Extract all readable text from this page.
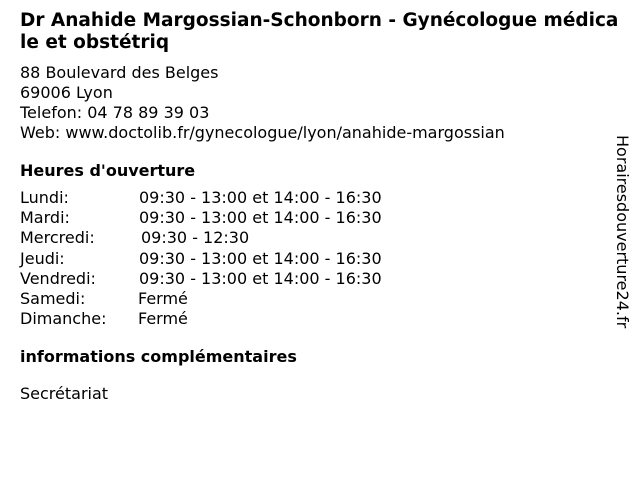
Dr Anahide Margossian-Schonborn - Gynécologue médicale et obstétriq
88 Boulevard des Belges
69006 Lyon
Telefon: 04 78 89 39 03
Web: www.doctolib.fr/gynecologue/lyon/anahide-margossian
Heures d'ouverture
Lundi:	09:30 - 13:00 et 14:00 - 16:30
Mardi:	09:30 - 13:00 et 14:00 - 16:30
Mercredi:	09:30 - 12:30
Jeudi:	09:30 - 13:00 et 14:00 - 16:30
Vendredi:	09:30 - 13:00 et 14:00 - 16:30
Samedi:	Fermé
Dimanche:	Fermé
informations complémentaires
Secrétariat
Horairesdouverture24.fr
